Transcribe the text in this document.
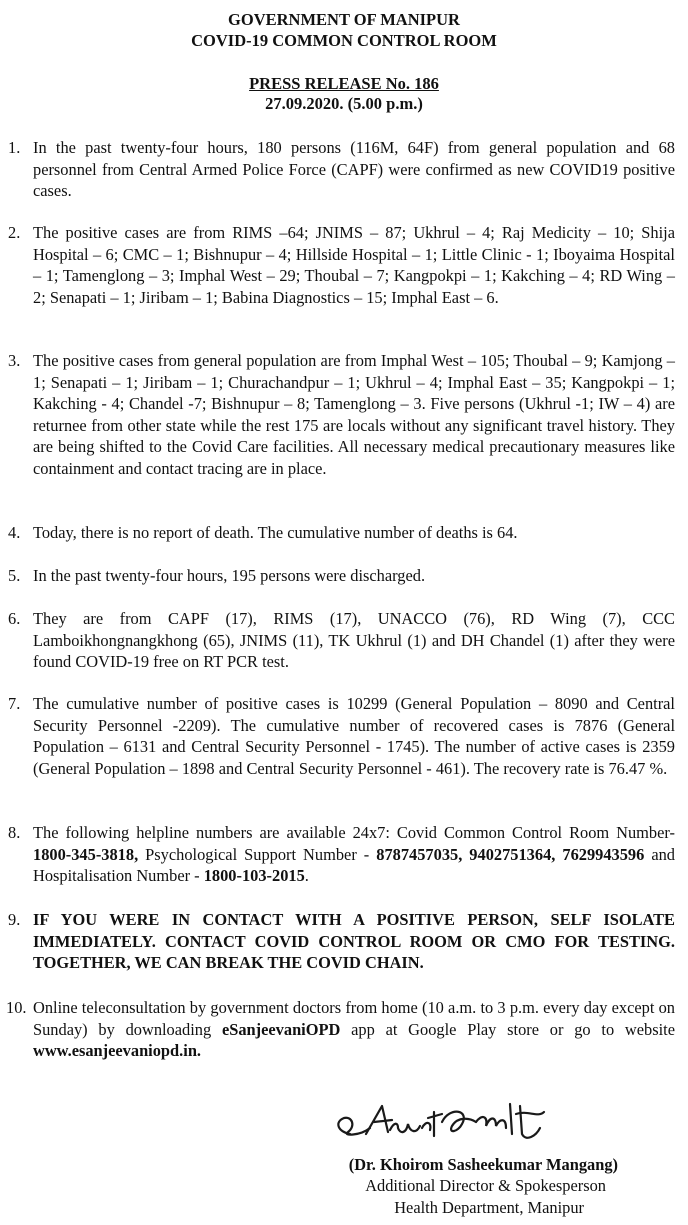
GOVERNMENT OF MANIPUR
COVID-19 COMMON CONTROL ROOM
PRESS RELEASE No. 186
27.09.2020. (5.00 p.m.)
1. In the past twenty-four hours, 180 persons (116M, 64F) from general population and 68 personnel from Central Armed Police Force (CAPF) were confirmed as new COVID19 positive cases.
2. The positive cases are from RIMS –64; JNIMS – 87; Ukhrul – 4; Raj Medicity – 10; Shija Hospital – 6; CMC – 1; Bishnupur – 4; Hillside Hospital – 1; Little Clinic - 1; Iboyaima Hospital – 1; Tamenglong – 3; Imphal West – 29; Thoubal – 7; Kangpokpi – 1; Kakching – 4; RD Wing – 2; Senapati – 1; Jiribam – 1; Babina Diagnostics – 15; Imphal East – 6.
3. The positive cases from general population are from Imphal West – 105; Thoubal – 9; Kamjong – 1; Senapati – 1; Jiribam – 1; Churachandpur – 1; Ukhrul – 4; Imphal East – 35; Kangpokpi – 1; Kakching - 4; Chandel -7; Bishnupur – 8; Tamenglong – 3. Five persons (Ukhrul -1; IW – 4) are returnee from other state while the rest 175 are locals without any significant travel history. They are being shifted to the Covid Care facilities. All necessary medical precautionary measures like containment and contact tracing are in place.
4. Today, there is no report of death. The cumulative number of deaths is 64.
5. In the past twenty-four hours, 195 persons were discharged.
6. They are from CAPF (17), RIMS (17), UNACCO (76), RD Wing (7), CCC Lamboikhongnangkhong (65), JNIMS (11), TK Ukhrul (1) and DH Chandel (1) after they were found COVID-19 free on RT PCR test.
7. The cumulative number of positive cases is 10299 (General Population – 8090 and Central Security Personnel -2209). The cumulative number of recovered cases is 7876 (General Population – 6131 and Central Security Personnel - 1745). The number of active cases is 2359 (General Population – 1898 and Central Security Personnel - 461). The recovery rate is 76.47 %.
8. The following helpline numbers are available 24x7: Covid Common Control Room Number-1800-345-3818, Psychological Support Number - 8787457035, 9402751364, 7629943596 and Hospitalisation Number - 1800-103-2015.
9. IF YOU WERE IN CONTACT WITH A POSITIVE PERSON, SELF ISOLATE IMMEDIATELY. CONTACT COVID CONTROL ROOM OR CMO FOR TESTING. TOGETHER, WE CAN BREAK THE COVID CHAIN.
10. Online teleconsultation by government doctors from home (10 a.m. to 3 p.m. every day except on Sunday) by downloading eSanjeevaniOPD app at Google Play store or go to website www.esanjeevaniopd.in.
(Dr. Khoirom Sasheekumar Mangang)
Additional Director & Spokesperson
Health Department, Manipur
